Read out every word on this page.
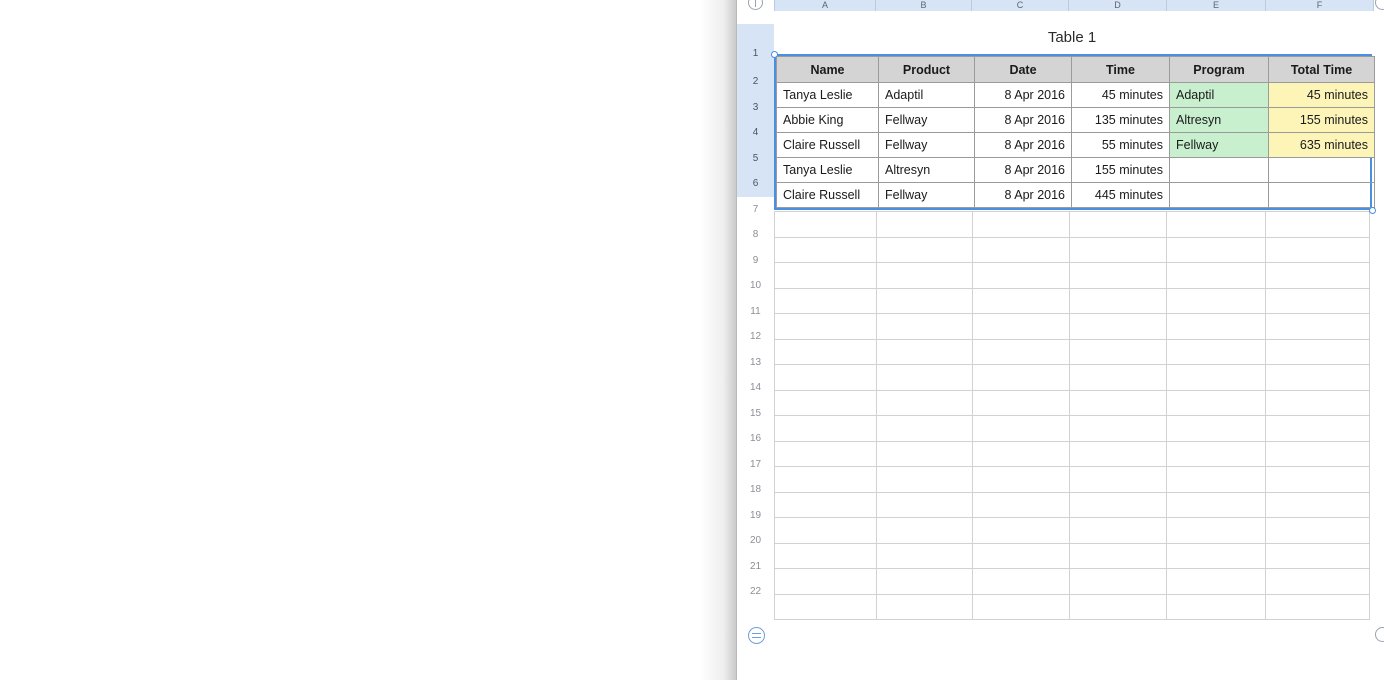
A	B	C	D	E	F
1
2
3
4
5
6
7
8
9
10
11
12
13
14
15
16
17
18
19
20
21
22
Table 1
Name	Product	Date	Time	Program	Total Time
Tanya Leslie	Adaptil	8 Apr 2016	45 minutes	Adaptil	45 minutes
Abbie King	Fellway	8 Apr 2016	135 minutes	Altresyn	155 minutes
Claire Russell	Fellway	8 Apr 2016	55 minutes	Fellway	635 minutes
Tanya Leslie	Altresyn	8 Apr 2016	155 minutes		
Claire Russell	Fellway	8 Apr 2016	445 minutes		
